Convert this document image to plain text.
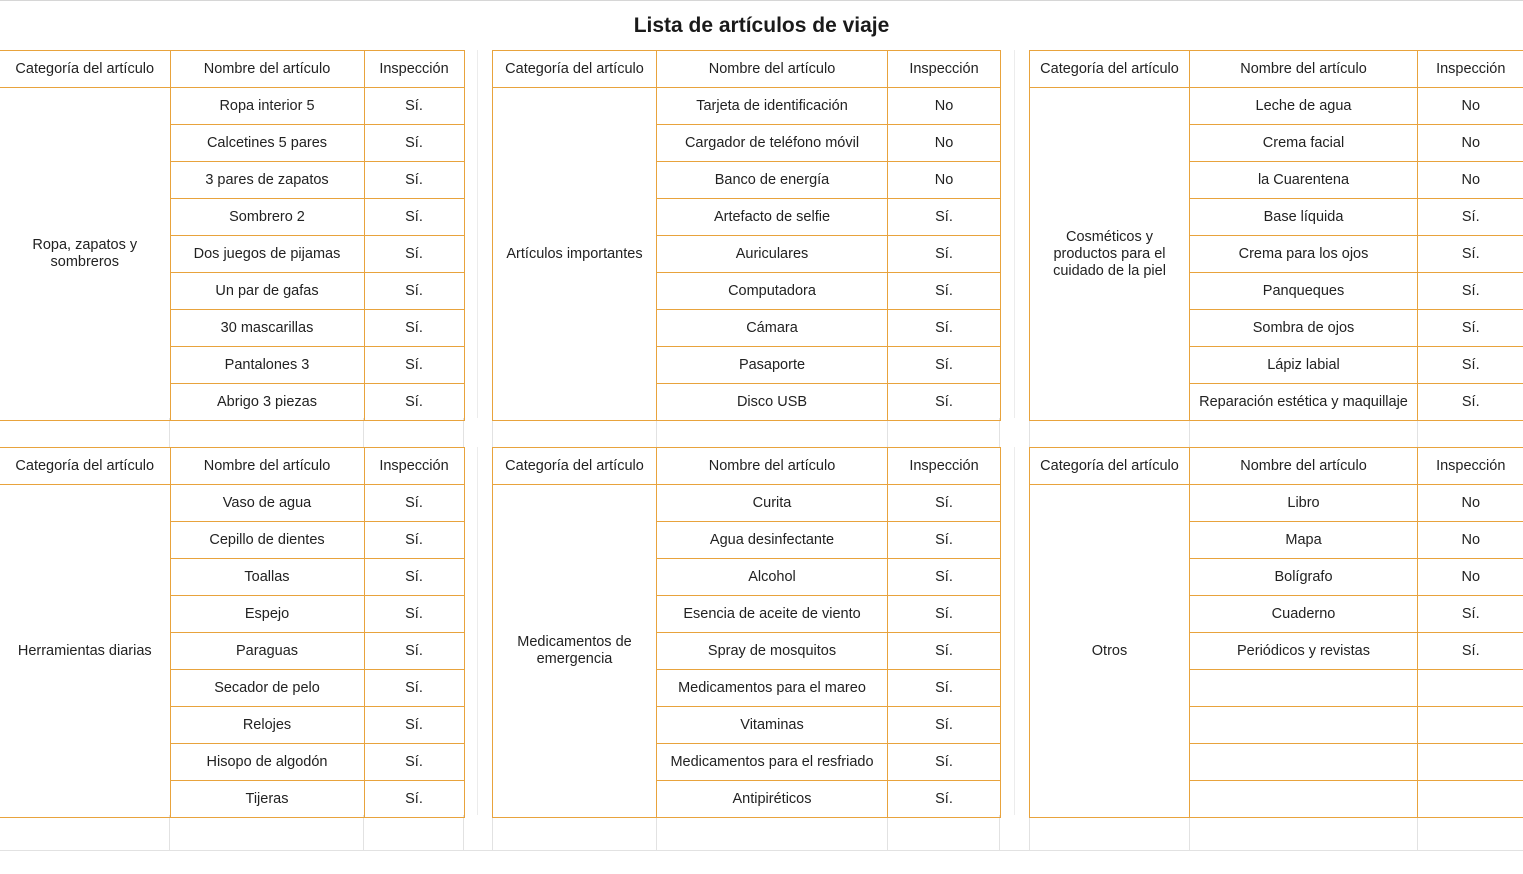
Lista de artículos de viaje
Categoría del artículo	Nombre del artículo	Inspección
Ropa, zapatos y sombreros	Ropa interior 5	Sí.
	Calcetines 5 pares	Sí.
	3 pares de zapatos	Sí.
	Sombrero 2	Sí.
	Dos juegos de pijamas	Sí.
	Un par de gafas	Sí.
	30 mascarillas	Sí.
	Pantalones 3	Sí.
	Abrigo 3 piezas	Sí.
Categoría del artículo	Nombre del artículo	Inspección
Artículos importantes	Tarjeta de identificación	No
	Cargador de teléfono móvil	No
	Banco de energía	No
	Artefacto de selfie	Sí.
	Auriculares	Sí.
	Computadora	Sí.
	Cámara	Sí.
	Pasaporte	Sí.
	Disco USB	Sí.
Categoría del artículo	Nombre del artículo	Inspección
Cosméticos y productos para el cuidado de la piel	Leche de agua	No
	Crema facial	No
	la Cuarentena	No
	Base líquida	Sí.
	Crema para los ojos	Sí.
	Panqueques	Sí.
	Sombra de ojos	Sí.
	Lápiz labial	Sí.
	Reparación estética y maquillaje	Sí.
Categoría del artículo	Nombre del artículo	Inspección
Herramientas diarias	Vaso de agua	Sí.
	Cepillo de dientes	Sí.
	Toallas	Sí.
	Espejo	Sí.
	Paraguas	Sí.
	Secador de pelo	Sí.
	Relojes	Sí.
	Hisopo de algodón	Sí.
	Tijeras	Sí.
Categoría del artículo	Nombre del artículo	Inspección
Medicamentos de emergencia	Curita	Sí.
	Agua desinfectante	Sí.
	Alcohol	Sí.
	Esencia de aceite de viento	Sí.
	Spray de mosquitos	Sí.
	Medicamentos para el mareo	Sí.
	Vitaminas	Sí.
	Medicamentos para el resfriado	Sí.
	Antipiréticos	Sí.
Categoría del artículo	Nombre del artículo	Inspección
Otros	Libro	No
	Mapa	No
	Bolígrafo	No
	Cuaderno	Sí.
	Periódicos y revistas	Sí.
